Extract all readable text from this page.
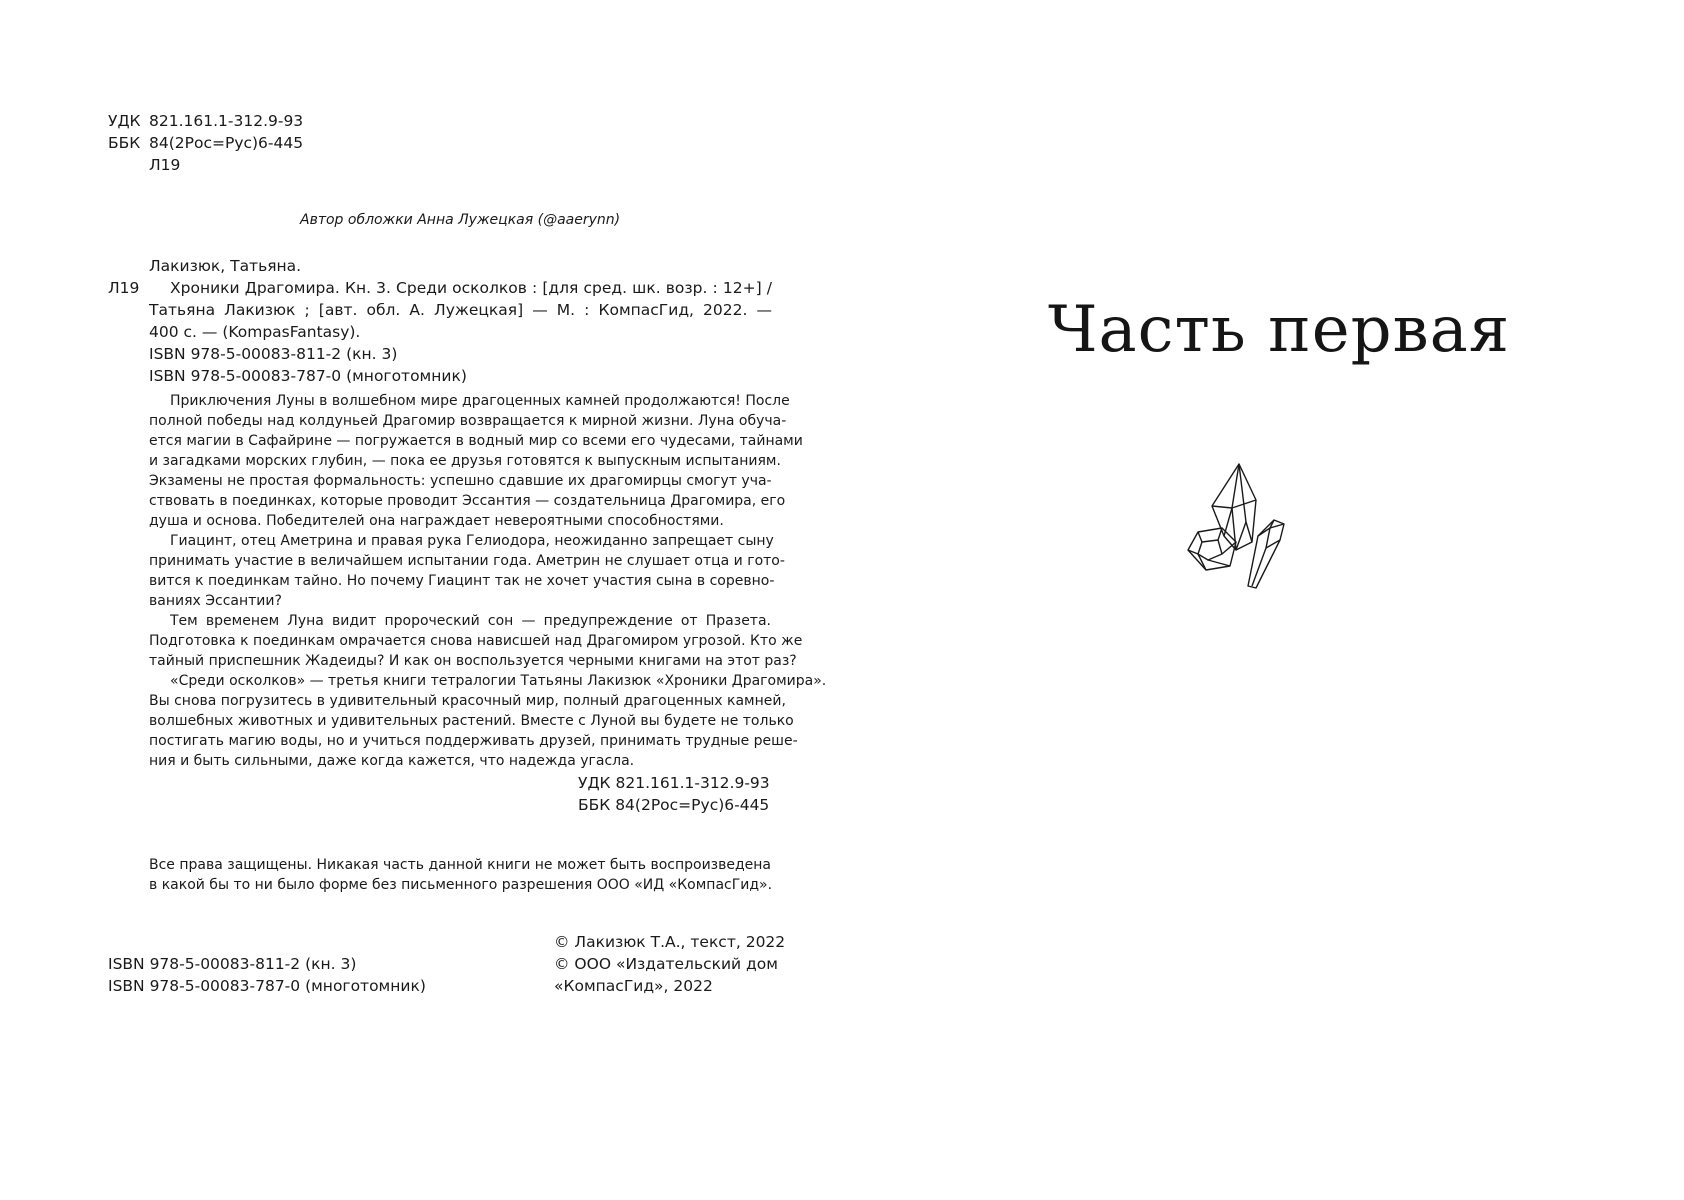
УДК 821.161.1-312.9-93
ББК 84(2Рос=Рус)6-445
Л19
Автор обложки Анна Лужецкая (@aaerynn)
Лакизюк, Татьяна.
Л19 Хроники Драгомира. Кн. 3. Среди осколков : [для сред. шк. возр. : 12+] /
Татьяна Лакизюк ; [авт. обл. А. Лужецкая] — М. : КомпасГид, 2022. —
400 с. — (KompasFantasy).
ISBN 978-5-00083-811-2 (кн. 3)
ISBN 978-5-00083-787-0 (многотомник)
Приключения Луны в волшебном мире драгоценных камней продолжаются! После
полной победы над колдуньей Драгомир возвращается к мирной жизни. Луна обуча-
ется магии в Сафайрине — погружается в водный мир со всеми его чудесами, тайнами
и загадками морских глубин, — пока ее друзья готовятся к выпускным испытаниям.
Экзамены не простая формальность: успешно сдавшие их драгомирцы смогут уча-
ствовать в поединках, которые проводит Эссантия — создательница Драгомира, его
душа и основа. Победителей она награждает невероятными способностями.
Гиацинт, отец Аметрина и правая рука Гелиодора, неожиданно запрещает сыну
принимать участие в величайшем испытании года. Аметрин не слушает отца и гото-
вится к поединкам тайно. Но почему Гиацинт так не хочет участия сына в соревно-
ваниях Эссантии?
Тем временем Луна видит пророческий сон — предупреждение от Празета.
Подготовка к поединкам омрачается снова нависшей над Драгомиром угрозой. Кто же
тайный приспешник Жадеиды? И как он воспользуется черными книгами на этот раз?
«Среди осколков» — третья книги тетралогии Татьяны Лакизюк «Хроники Драгомира».
Вы снова погрузитесь в удивительный красочный мир, полный драгоценных камней,
волшебных животных и удивительных растений. Вместе с Луной вы будете не только
постигать магию воды, но и учиться поддерживать друзей, принимать трудные реше-
ния и быть сильными, даже когда кажется, что надежда угасла.
УДК 821.161.1-312.9-93
ББК 84(2Рос=Рус)6-445
Все права защищены. Никакая часть данной книги не может быть воспроизведена
в какой бы то ни было форме без письменного разрешения ООО «ИД «КомпасГид».
© Лакизюк Т.А., текст, 2022
© ООО «Издательский дом
«КомпасГид», 2022
ISBN 978-5-00083-811-2 (кн. 3)
ISBN 978-5-00083-787-0 (многотомник)
Часть первая
